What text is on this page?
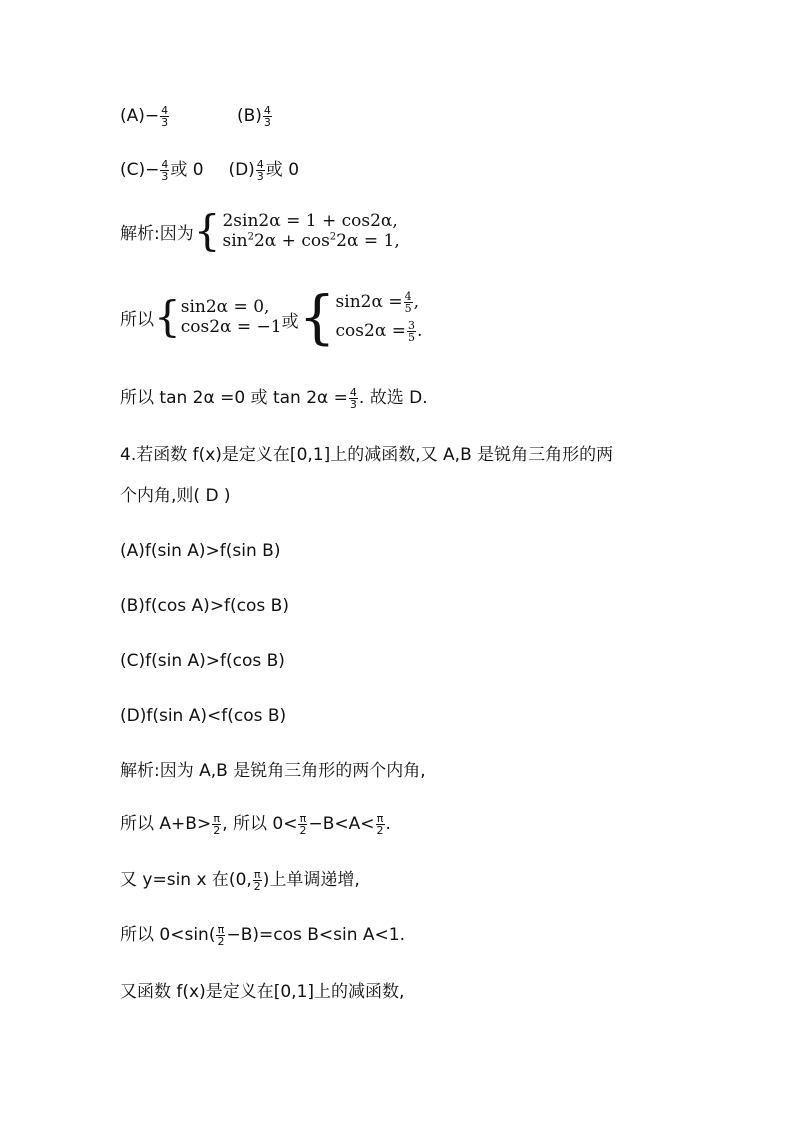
$(A)- \frac{4}{3}$	$(B) \frac{4}{3}$
$(C)- \frac{4}{3}$ 或 0 $(D) \frac{4}{3}$ 或 0
解析:因为 { 2sin2α = 1 + cos2α,
$\sin^22\alpha + \cos^22\alpha = 1$,
所以 { sin2α = 0,
cos2α = −1 或 { $\sin 2\alpha = \frac{4}{5}$ ,
$\cos 2\alpha = \frac{3}{5}$ .
所以 tan 2α =0 或 $\tan 2\alpha = \frac{4}{3}$ . 故选 D.
4.若函数 f(x)是定义在[0,1]上的减函数,又 A,B 是锐角三角形的两
个内角,则( D )
(A)f(sin A)>f(sin B)
(B)f(cos A)>f(cos B)
(C)f(sin A)>f(cos B)
(D)f(sin A)<f(cos B)
解析:因为 A,B 是锐角三角形的两个内角,
所以 $A+B> \frac{\pi}{2}$ , 所以 $0< \frac{\pi}{2} -B<A< \frac{\pi}{2}$ .
又 y=sin x 在(0, $\frac{\pi}{2}$ )上单调递增,
所以 $0<\sin( \frac{\pi}{2} -B)=\cos$ B<sin A<1.
又函数 f(x)是定义在[0,1]上的减函数,
